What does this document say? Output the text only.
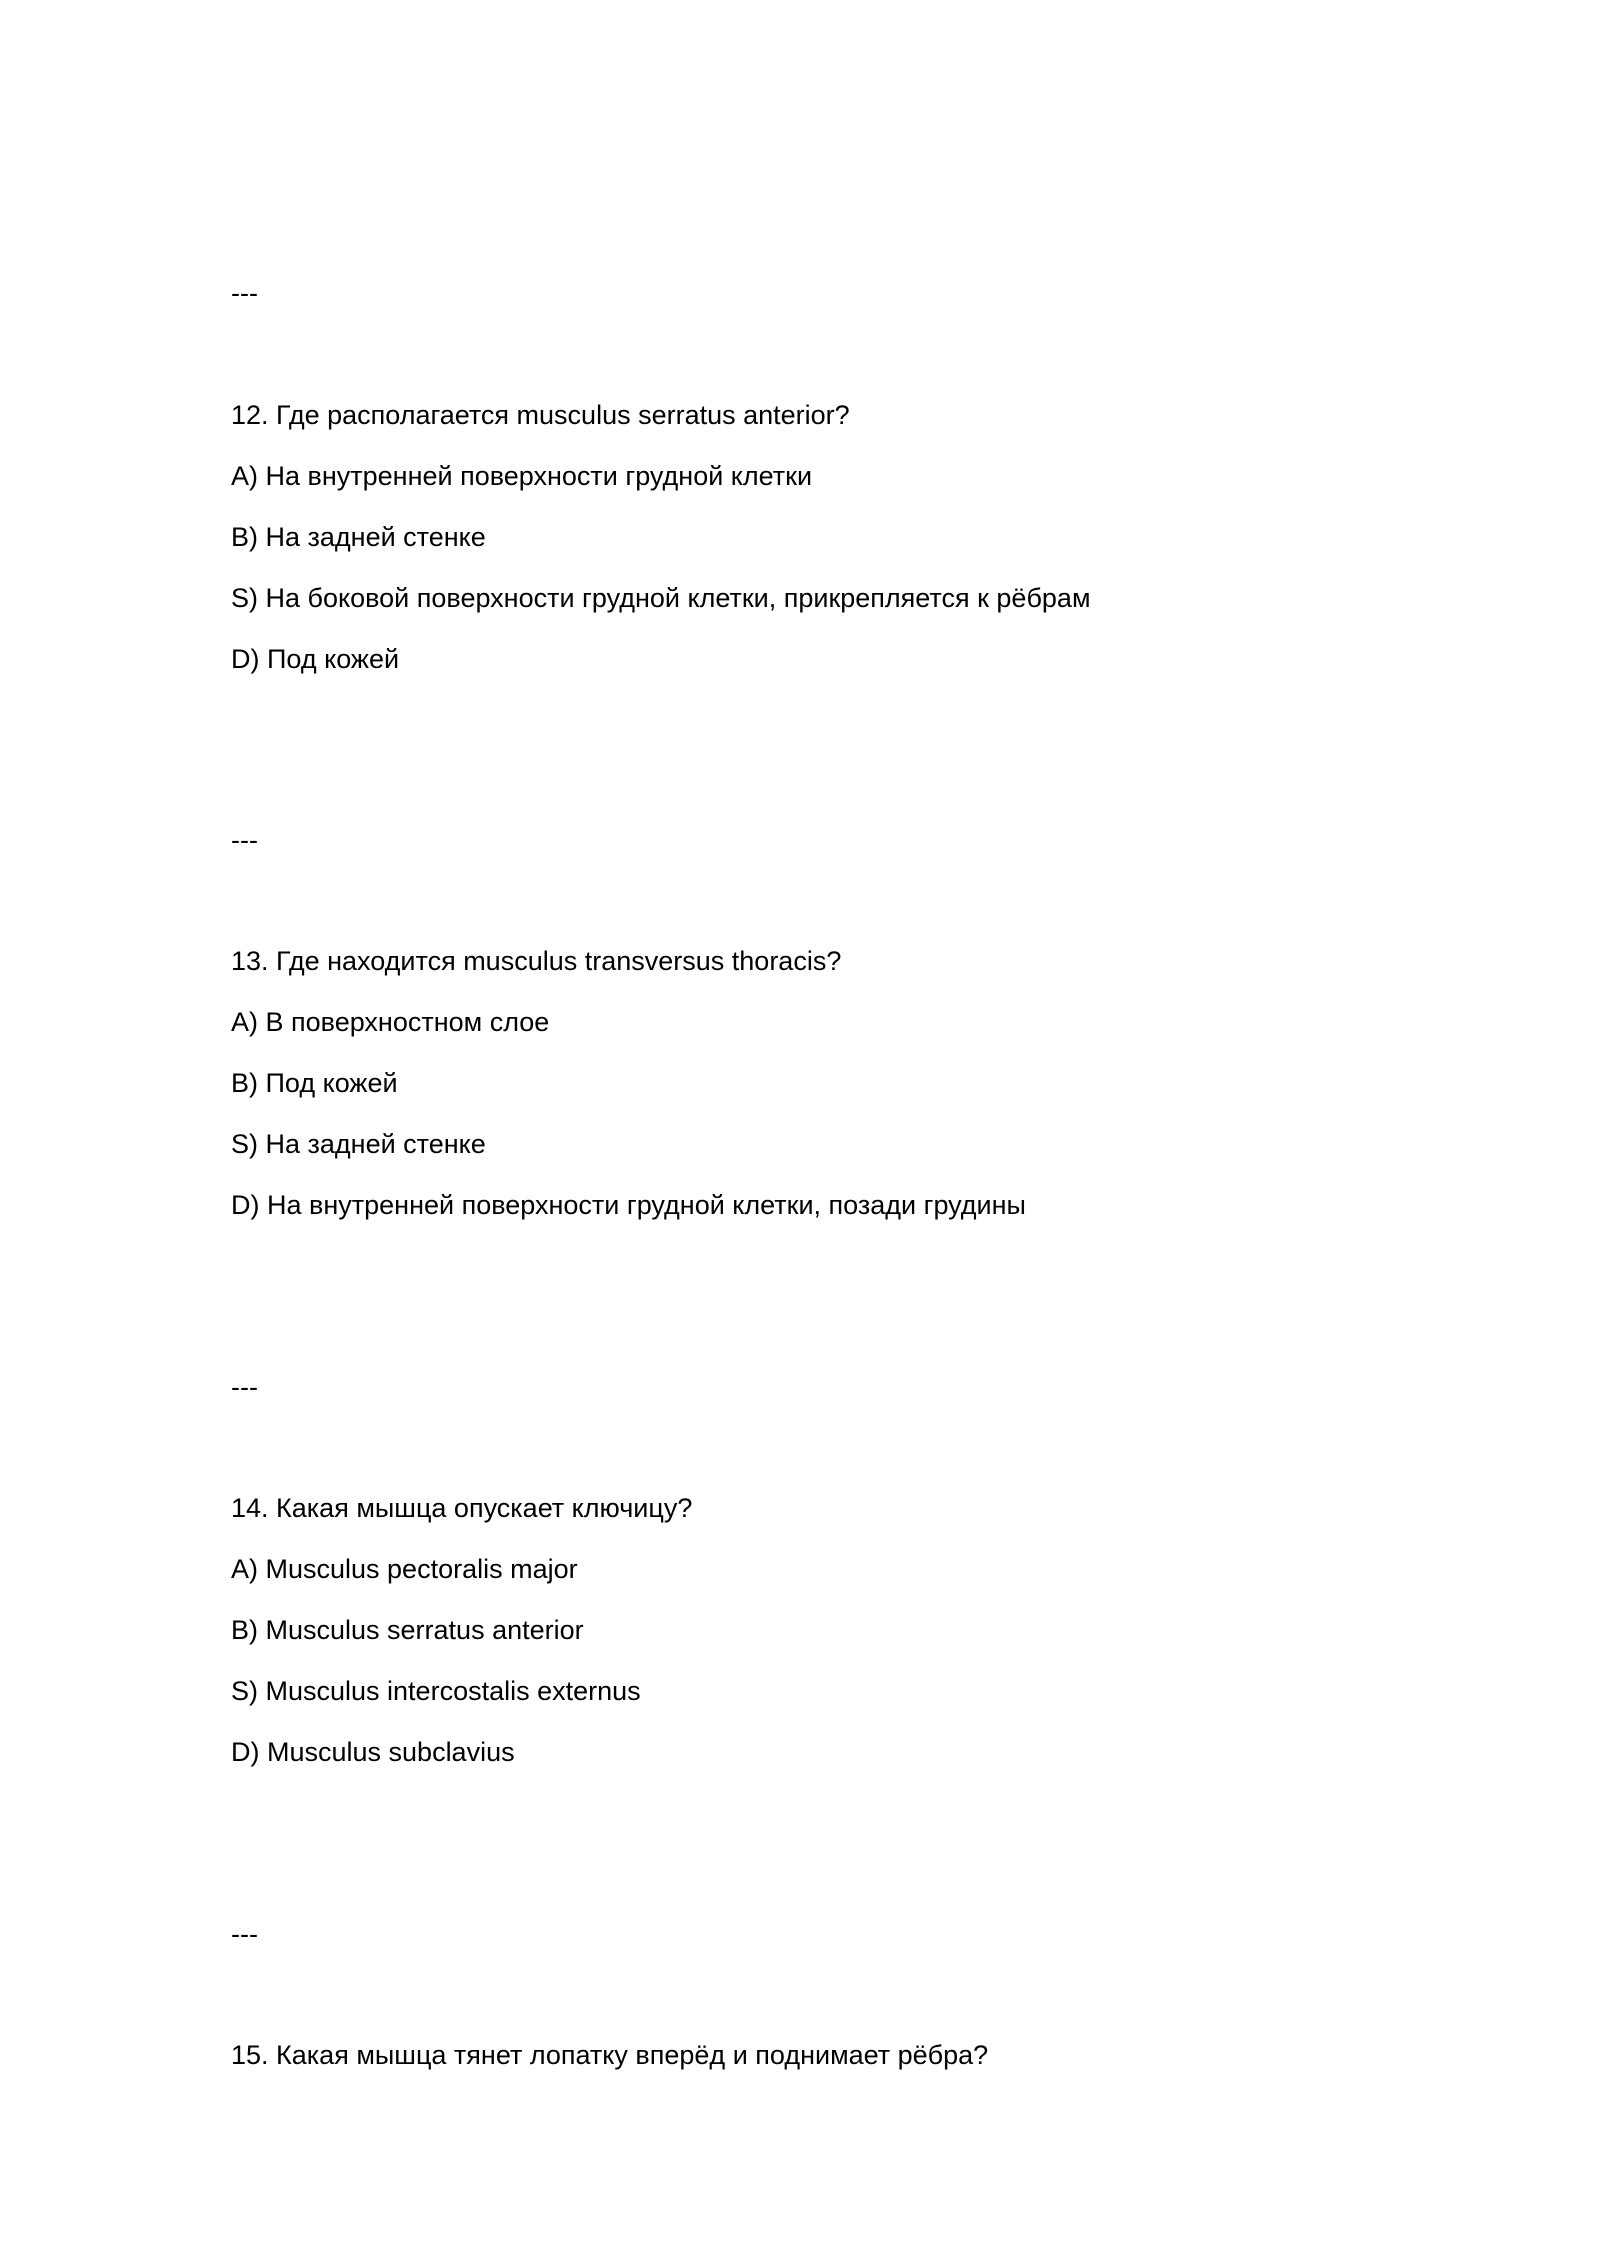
---

12. Где располагается musculus serratus anterior?

A) На внутренней поверхности грудной клетки

B) На задней стенке

S) На боковой поверхности грудной клетки, прикрепляется к рёбрам

D) Под кожей

---

13. Где находится musculus transversus thoracis?

A) В поверхностном слое

B) Под кожей

S) На задней стенке

D) На внутренней поверхности грудной клетки, позади грудины

---

14. Какая мышца опускает ключицу?

A) Musculus pectoralis major

B) Musculus serratus anterior

S) Musculus intercostalis externus

D) Musculus subclavius

---

15. Какая мышца тянет лопатку вперёд и поднимает рёбра?
